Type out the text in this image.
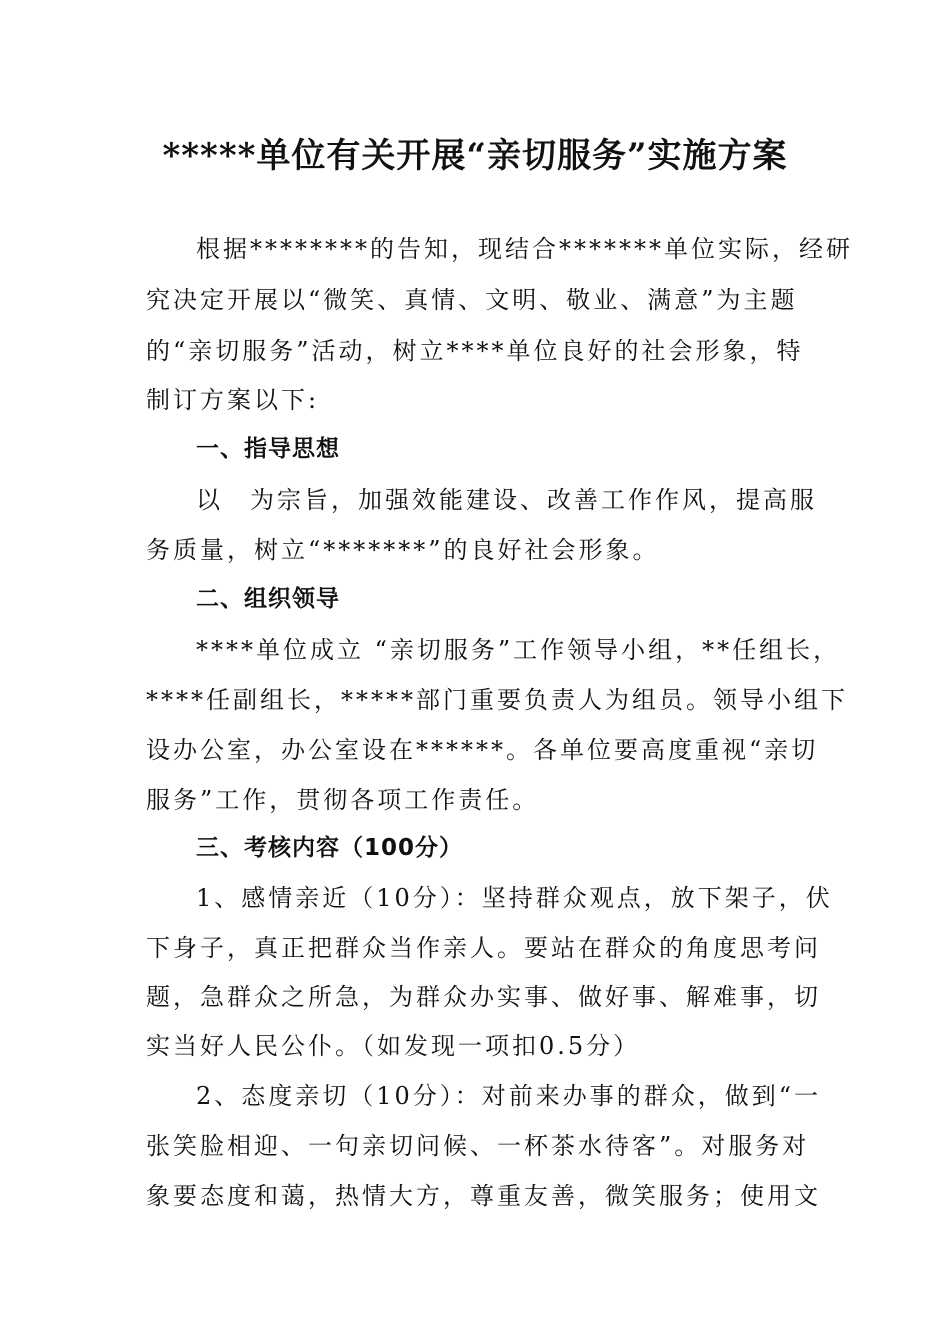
*****单位有关开展“亲切服务”实施方案
根据********的告知，现结合*******单位实际，经研
究决定开展以“微笑、真情、文明、敬业、满意”为主题
的“亲切服务”活动，树立****单位良好的社会形象，特
制订方案以下:
一、指导思想
以　为宗旨，加强效能建设、改善工作作风，提高服
务质量，树立“*******”的良好社会形象。
二、组织领导
****单位成立 “亲切服务”工作领导小组，**任组长，
****任副组长，*****部门重要负责人为组员。领导小组下
设办公室，办公室设在******。各单位要高度重视“亲切
服务”工作，贯彻各项工作责任。
三、考核内容（100分）
1、感情亲近（10分）：坚持群众观点，放下架子，伏
下身子，真正把群众当作亲人。要站在群众的角度思考问
题，急群众之所急，为群众办实事、做好事、解难事，切
实当好人民公仆。（如发现一项扣0.5分）
2、态度亲切（10分）：对前来办事的群众，做到“一
张笑脸相迎、一句亲切问候、一杯茶水待客”。对服务对
象要态度和蔼，热情大方，尊重友善，微笑服务；使用文
